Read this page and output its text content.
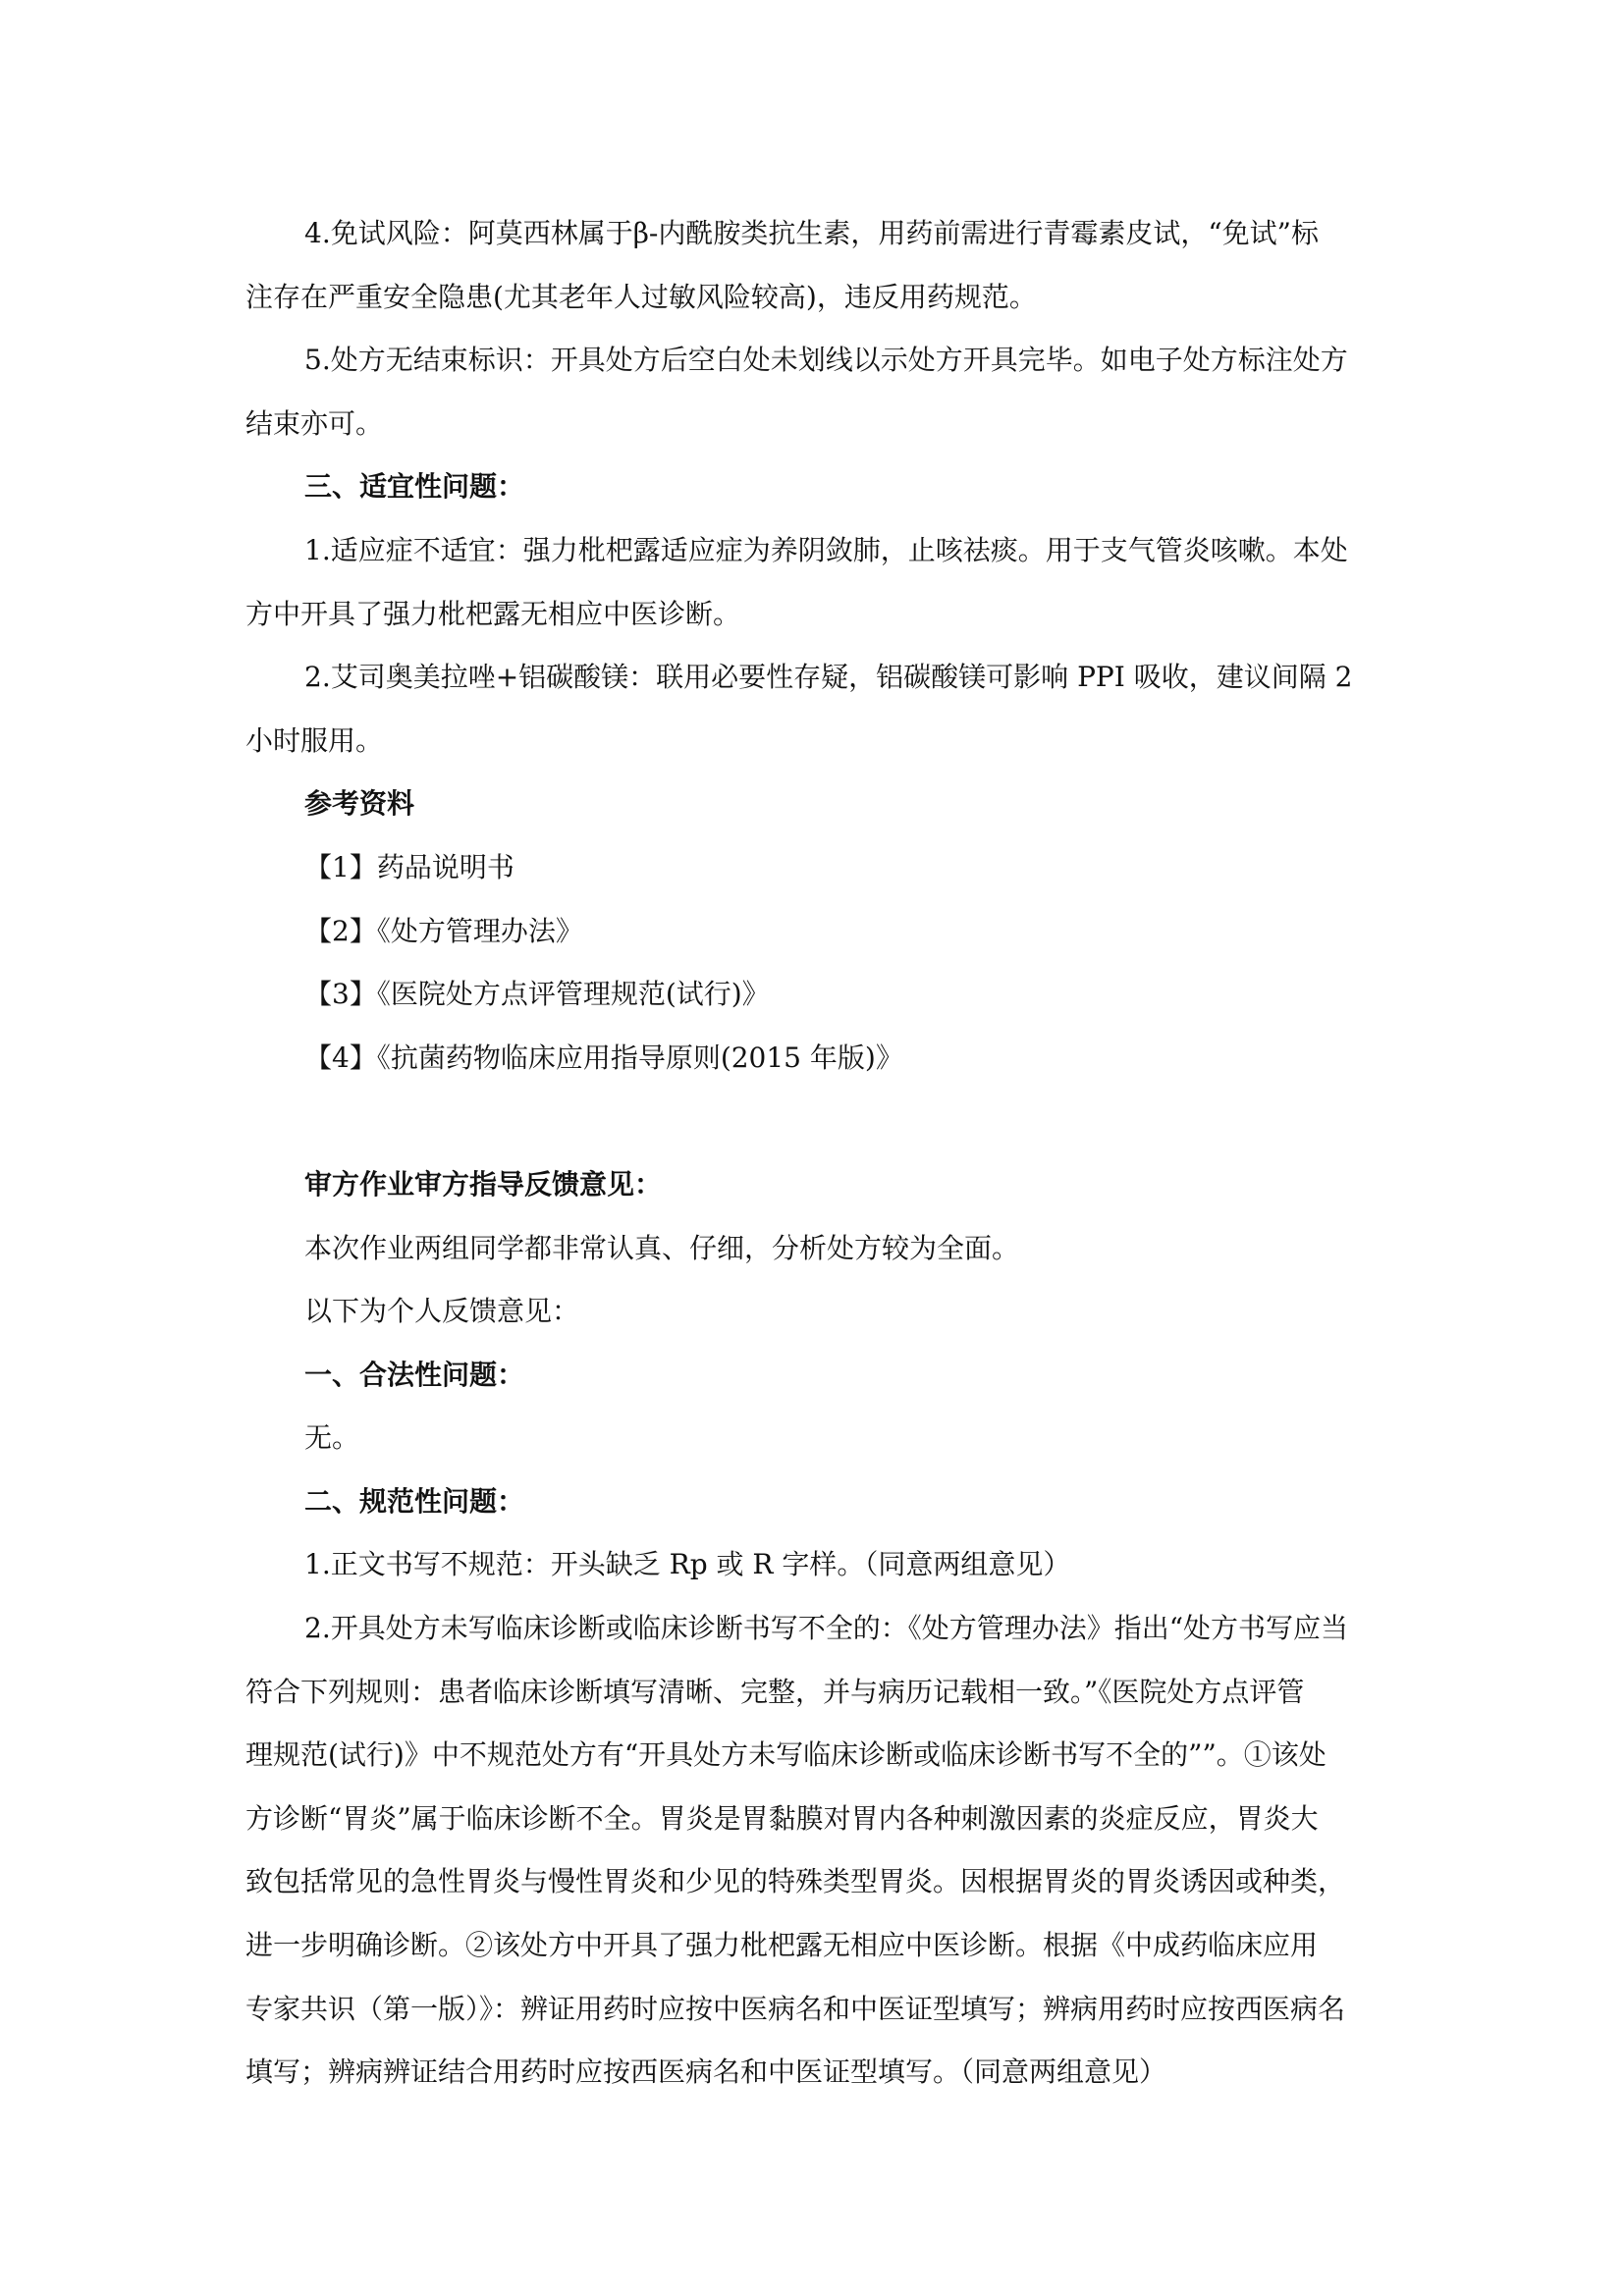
4.免试风险：阿莫西林属于β-内酰胺类抗生素，用药前需进行青霉素皮试，“免试”标

注存在严重安全隐患(尤其老年人过敏风险较高)，违反用药规范。

5.处方无结束标识：开具处方后空白处未划线以示处方开具完毕。如电子处方标注处方

结束亦可。

三、适宜性问题：

1.适应症不适宜：强力枇杷露适应症为养阴敛肺，止咳祛痰。用于支气管炎咳嗽。本处

方中开具了强力枇杷露无相应中医诊断。

2.艾司奥美拉唑+铝碳酸镁：联用必要性存疑，铝碳酸镁可影响 PPI 吸收，建议间隔 2

小时服用。

参考资料

【1】药品说明书

【2】《处方管理办法》

【3】《医院处方点评管理规范(试行)》

【4】《抗菌药物临床应用指导原则(2015 年版)》

审方作业审方指导反馈意见：

本次作业两组同学都非常认真、仔细，分析处方较为全面。

以下为个人反馈意见：

一、合法性问题：

无。

二、规范性问题：

1.正文书写不规范：开头缺乏 Rp 或 R 字样。（同意两组意见）

2.开具处方未写临床诊断或临床诊断书写不全的：《处方管理办法》指出“处方书写应当

符合下列规则：患者临床诊断填写清晰、完整，并与病历记载相一致。”《医院处方点评管

理规范(试行)》中不规范处方有“开具处方未写临床诊断或临床诊断书写不全的””。①该处

方诊断“胃炎”属于临床诊断不全。胃炎是胃黏膜对胃内各种刺激因素的炎症反应，胃炎大

致包括常见的急性胃炎与慢性胃炎和少见的特殊类型胃炎。因根据胃炎的胃炎诱因或种类，

进一步明确诊断。②该处方中开具了强力枇杷露无相应中医诊断。根据《中成药临床应用

专家共识（第一版）》：辨证用药时应按中医病名和中医证型填写；辨病用药时应按西医病名

填写；辨病辨证结合用药时应按西医病名和中医证型填写。（同意两组意见）
